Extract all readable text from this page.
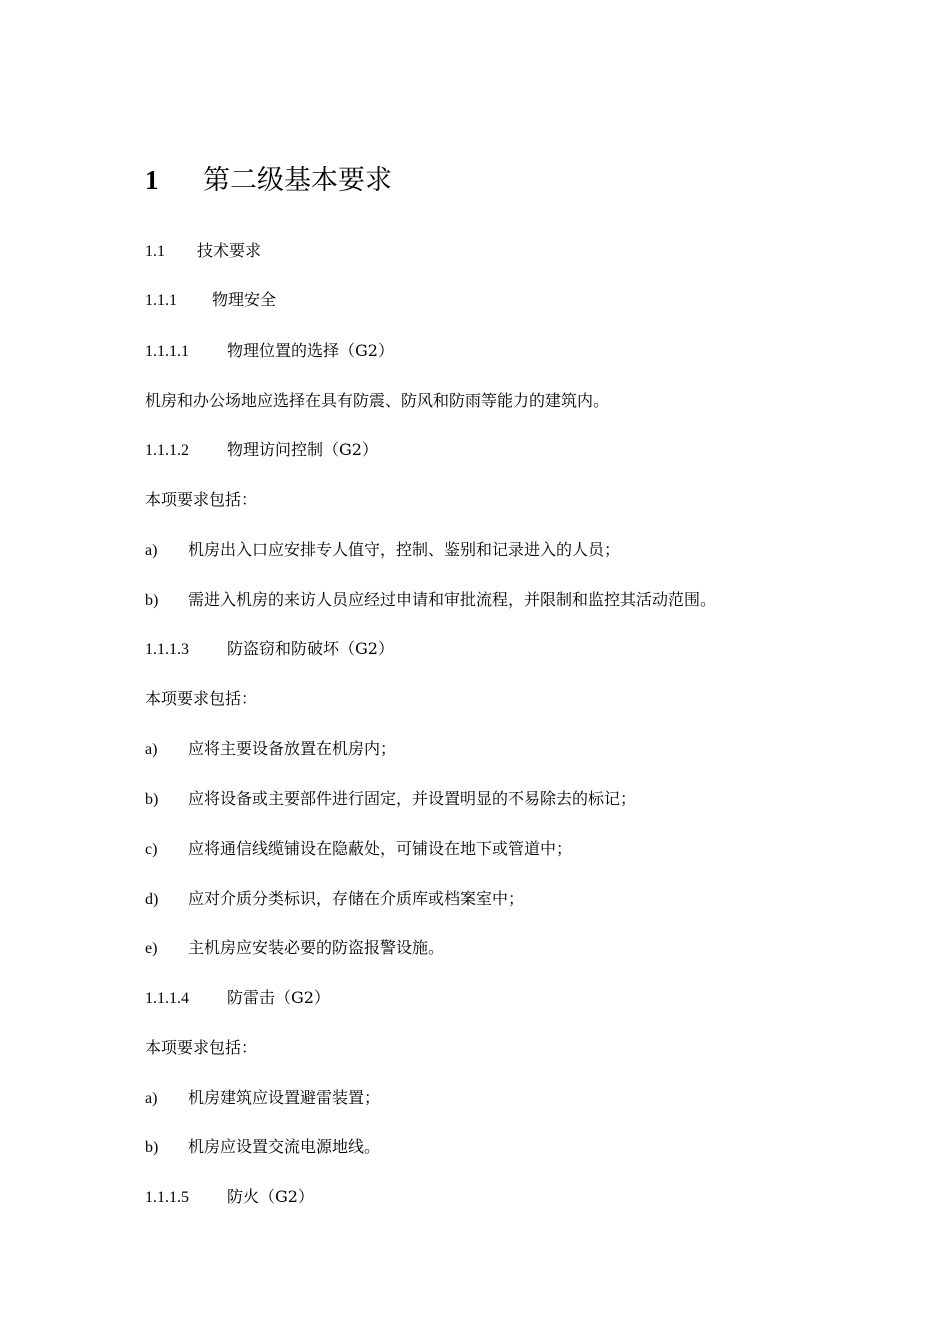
1 第二级基本要求
1.1 技术要求
1.1.1 物理安全
1.1.1.1 物理位置的选择（G2）
机房和办公场地应选择在具有防震、防风和防雨等能力的建筑内。
1.1.1.2 物理访问控制（G2）
本项要求包括：
a) 机房出入口应安排专人值守，控制、鉴别和记录进入的人员；
b) 需进入机房的来访人员应经过申请和审批流程，并限制和监控其活动范围。
1.1.1.3 防盗窃和防破坏（G2）
本项要求包括：
a) 应将主要设备放置在机房内；
b) 应将设备或主要部件进行固定，并设置明显的不易除去的标记；
c) 应将通信线缆铺设在隐蔽处，可铺设在地下或管道中；
d) 应对介质分类标识，存储在介质库或档案室中；
e) 主机房应安装必要的防盗报警设施。
1.1.1.4 防雷击（G2）
本项要求包括：
a) 机房建筑应设置避雷装置；
b) 机房应设置交流电源地线。
1.1.1.5 防火（G2）
